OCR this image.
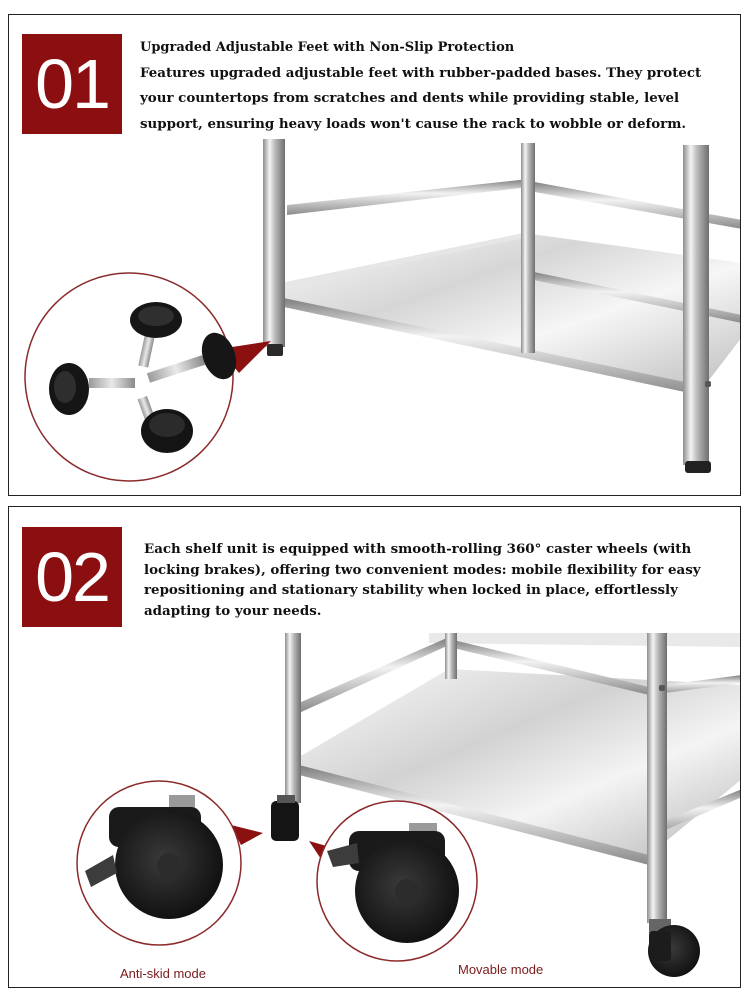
01	Upgraded Adjustable Feet with Non-Slip Protection
Features upgraded adjustable feet with rubber-padded bases. They protect your countertops from scratches and dents while providing stable, level support, ensuring heavy loads won't cause the rack to wobble or deform.
02	Each shelf unit is equipped with smooth-rolling 360° caster wheels (with locking brakes), offering two convenient modes: mobile flexibility for easy repositioning and stationary stability when locked in place, effortlessly adapting to your needs.
Anti-skid mode	Movable mode
